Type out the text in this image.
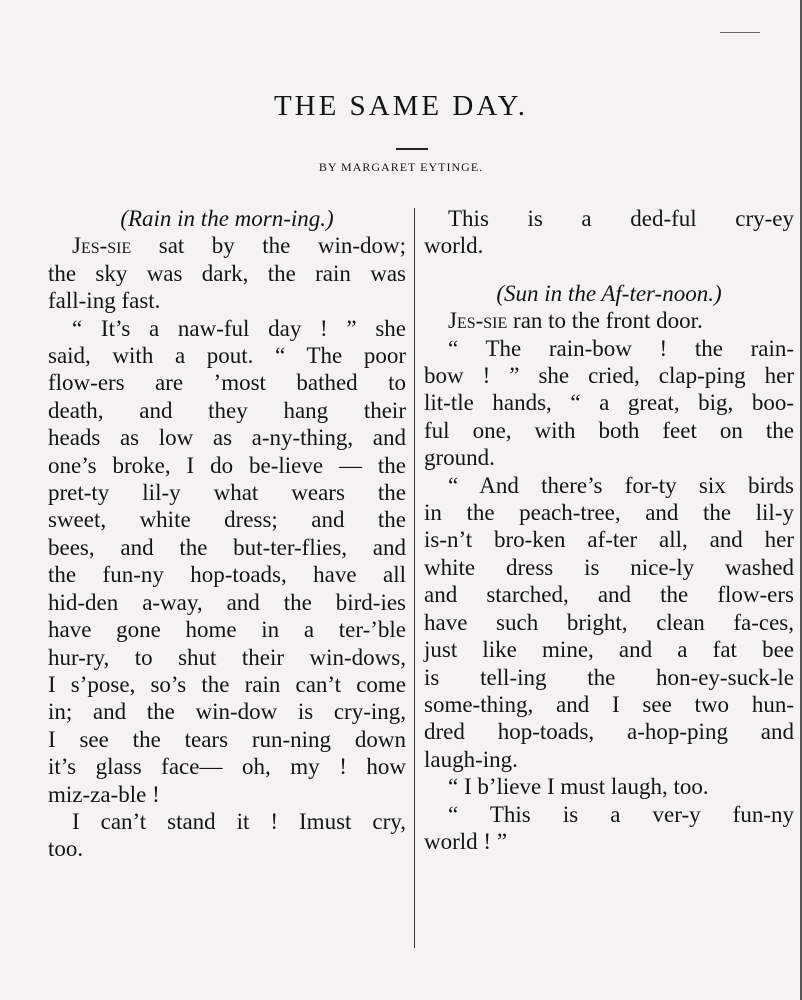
THE SAME DAY.
BY MARGARET EYTINGE.
(Rain in the morn-ing.)
Jes-sie sat by the win-dow;
the sky was dark, the rain was
fall-ing fast.
“ It’s a naw-ful day ! ” she
said, with a pout. “ The poor
flow-ers are ’most bathed to
death, and they hang their
heads as low as a-ny-thing, and
one’s broke, I do be-lieve — the
pret-ty lil-y what wears the
sweet, white dress; and the
bees, and the but-ter-flies, and
the fun-ny hop-toads, have all
hid-den a-way, and the bird-ies
have gone home in a ter-’ble
hur-ry, to shut their win-dows,
I s’pose, so’s the rain can’t come
in; and the win-dow is cry-ing,
I see the tears run-ning down
it’s glass face— oh, my ! how
miz-za-ble !
I can’t stand it ! Imust cry,
too.
This is a ded-ful cry-ey
world.
(Sun in the Af-ter-noon.)
Jes-sie ran to the front door.
“ The rain-bow ! the rain-
bow ! ” she cried, clap-ping her
lit-tle hands, “ a great, big, boo-
ful one, with both feet on the
ground.
“ And there’s for-ty six birds
in the peach-tree, and the lil-y
is-n’t bro-ken af-ter all, and her
white dress is nice-ly washed
and starched, and the flow-ers
have such bright, clean fa-ces,
just like mine, and a fat bee
is tell-ing the hon-ey-suck-le
some-thing, and I see two hun-
dred hop-toads, a-hop-ping and
laugh-ing.
“ I b’lieve I must laugh, too.
“ This is a ver-y fun-ny
world ! ”
